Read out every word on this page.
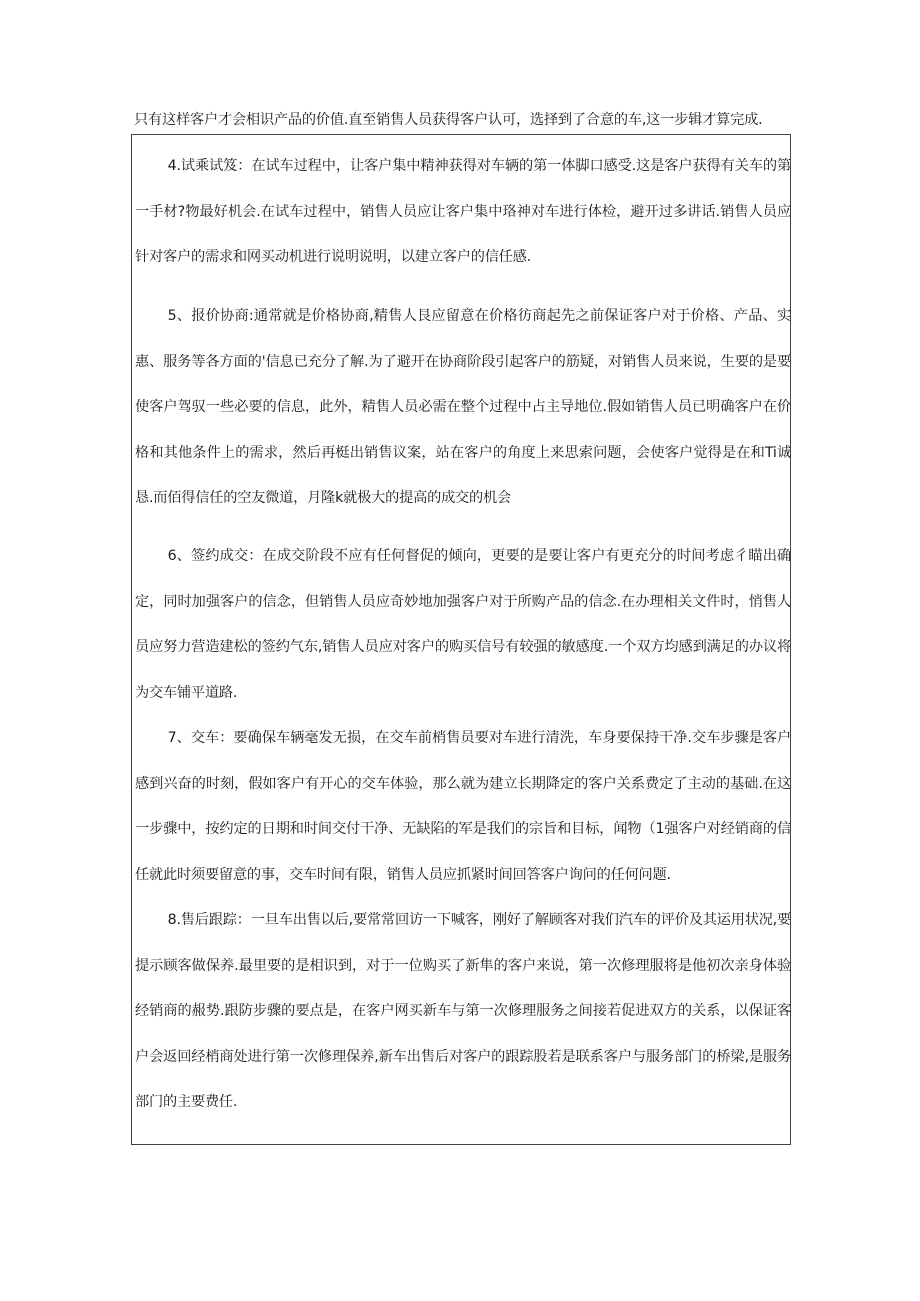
只有这样客户才会相识产品的价值.直至销售人员获得客户认可，选择到了合意的车,这一步辑才算完成.

4.试乘试笈：在试车过程中，让客户集中精神获得对车辆的第一体脚口感受.这是客户获得有关车的第一手材?物最好机会.在试车过程中，销售人员应让客户集中珞神对车进行体检，避开过多讲话.销售人员应针对客户的需求和网买动机进行说明说明，以建立客户的信任感.

5、报价协商:通常就是价格协商,精售人艮应留意在价格彷商起先之前保证客户对于价格、产品、实惠、服务等各方面的'信息已充分了解.为了避开在协商阶段引起客户的筋疑，对销售人员来说，生要的是要使客户驾驭一些必要的信息，此外，精售人员必需在整个过程中占主导地位.假如销售人员已明确客户在价格和其他条件上的需求，然后再梃出销售议案，站在客户的角度上来思索问题，会使客户觉得是在和Ti诚恳.而佰得信任的空友微道，月隆k就极大的提高的成交的机会

6、签约成交：在成交阶段不应有任何督促的倾向，更要的是要让客户有更充分的时间考虑彳瞄出确定，同时加强客户的信念，但销售人员应奇妙地加强客户对于所购产品的信念.在办理相关文件时，悄售人员应努力营造建松的签约气东,销售人员应对客户的购买信号有较强的敏感度.一个双方均感到满足的办议将为交车铺平道路.

7、交车：要确保车辆毫发无损，在交车前梢售员要对车进行清洗，车身要保持干净.交车步骤是客户感到兴奋的时刻，假如客户有开心的交车体验，那么就为建立长期降定的客户关系费定了主动的基础.在这一步骤中，按约定的日期和时间交付干净、无缺陷的军是我们的宗旨和目标，闻物（1强客户对经销商的信任就此时须要留意的事，交车时间有限，销售人员应抓紧时间回答客户询问的任何问题.

8.售后跟踪：一旦车出售以后,要常常回访一下喊客，刚好了解顾客对我们汽车的评价及其运用状况,要提示顾客做保养.最里要的是相识到，对于一位购买了新隼的客户来说，第一次修理服将是他初次亲身体验经销商的赧势.跟防步骤的要点是，在客户网买新车与第一次修理服务之间接若促进双方的关系，以保证客户会返回经梢商处进行第一次修理保养,新车出售后对客户的跟踪股若是联系客户与服务部门的桥梁,是服务部门的主要费任.
